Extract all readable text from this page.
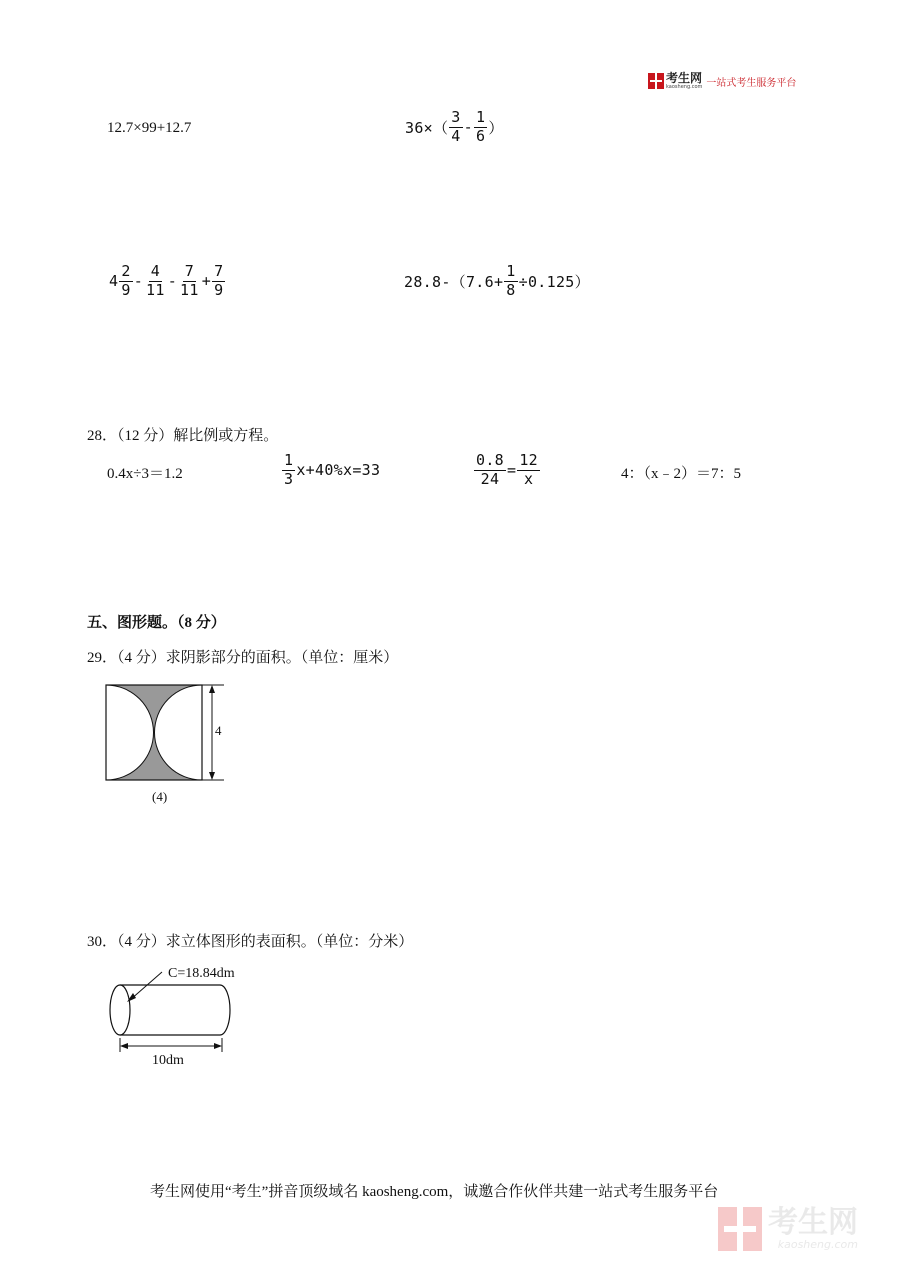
考生网
kaosheng.com 一站式考生服务平台
12.7×99+12.7	$36\times( \frac{3}{4} - \frac{1}{6}$ ）
$4 \frac{2}{9} - \frac{4}{11} - \frac{7}{11} + \frac{7}{9}$	$28.8-(7.6+ \frac{1}{8} \div 0.125)$
28．（12 分）解比例或方程。
0.4x÷3＝1.2	$\frac{1}{3} x+40\%x=33$	$\frac{0.8}{24} = \frac{12}{x}$	4：（x﹣2）＝7：5
五、图形题。（8 分）
29．（4 分）求阴影部分的面积。（单位：厘米）
4
(4)
30．（4 分）求立体图形的表面积。（单位：分米）
C=18.84dm
10dm
考生网使用“考生”拼音顶级域名 kaosheng.com，诚邀合作伙伴共建一站式考生服务平台
考生网
kaosheng.com
